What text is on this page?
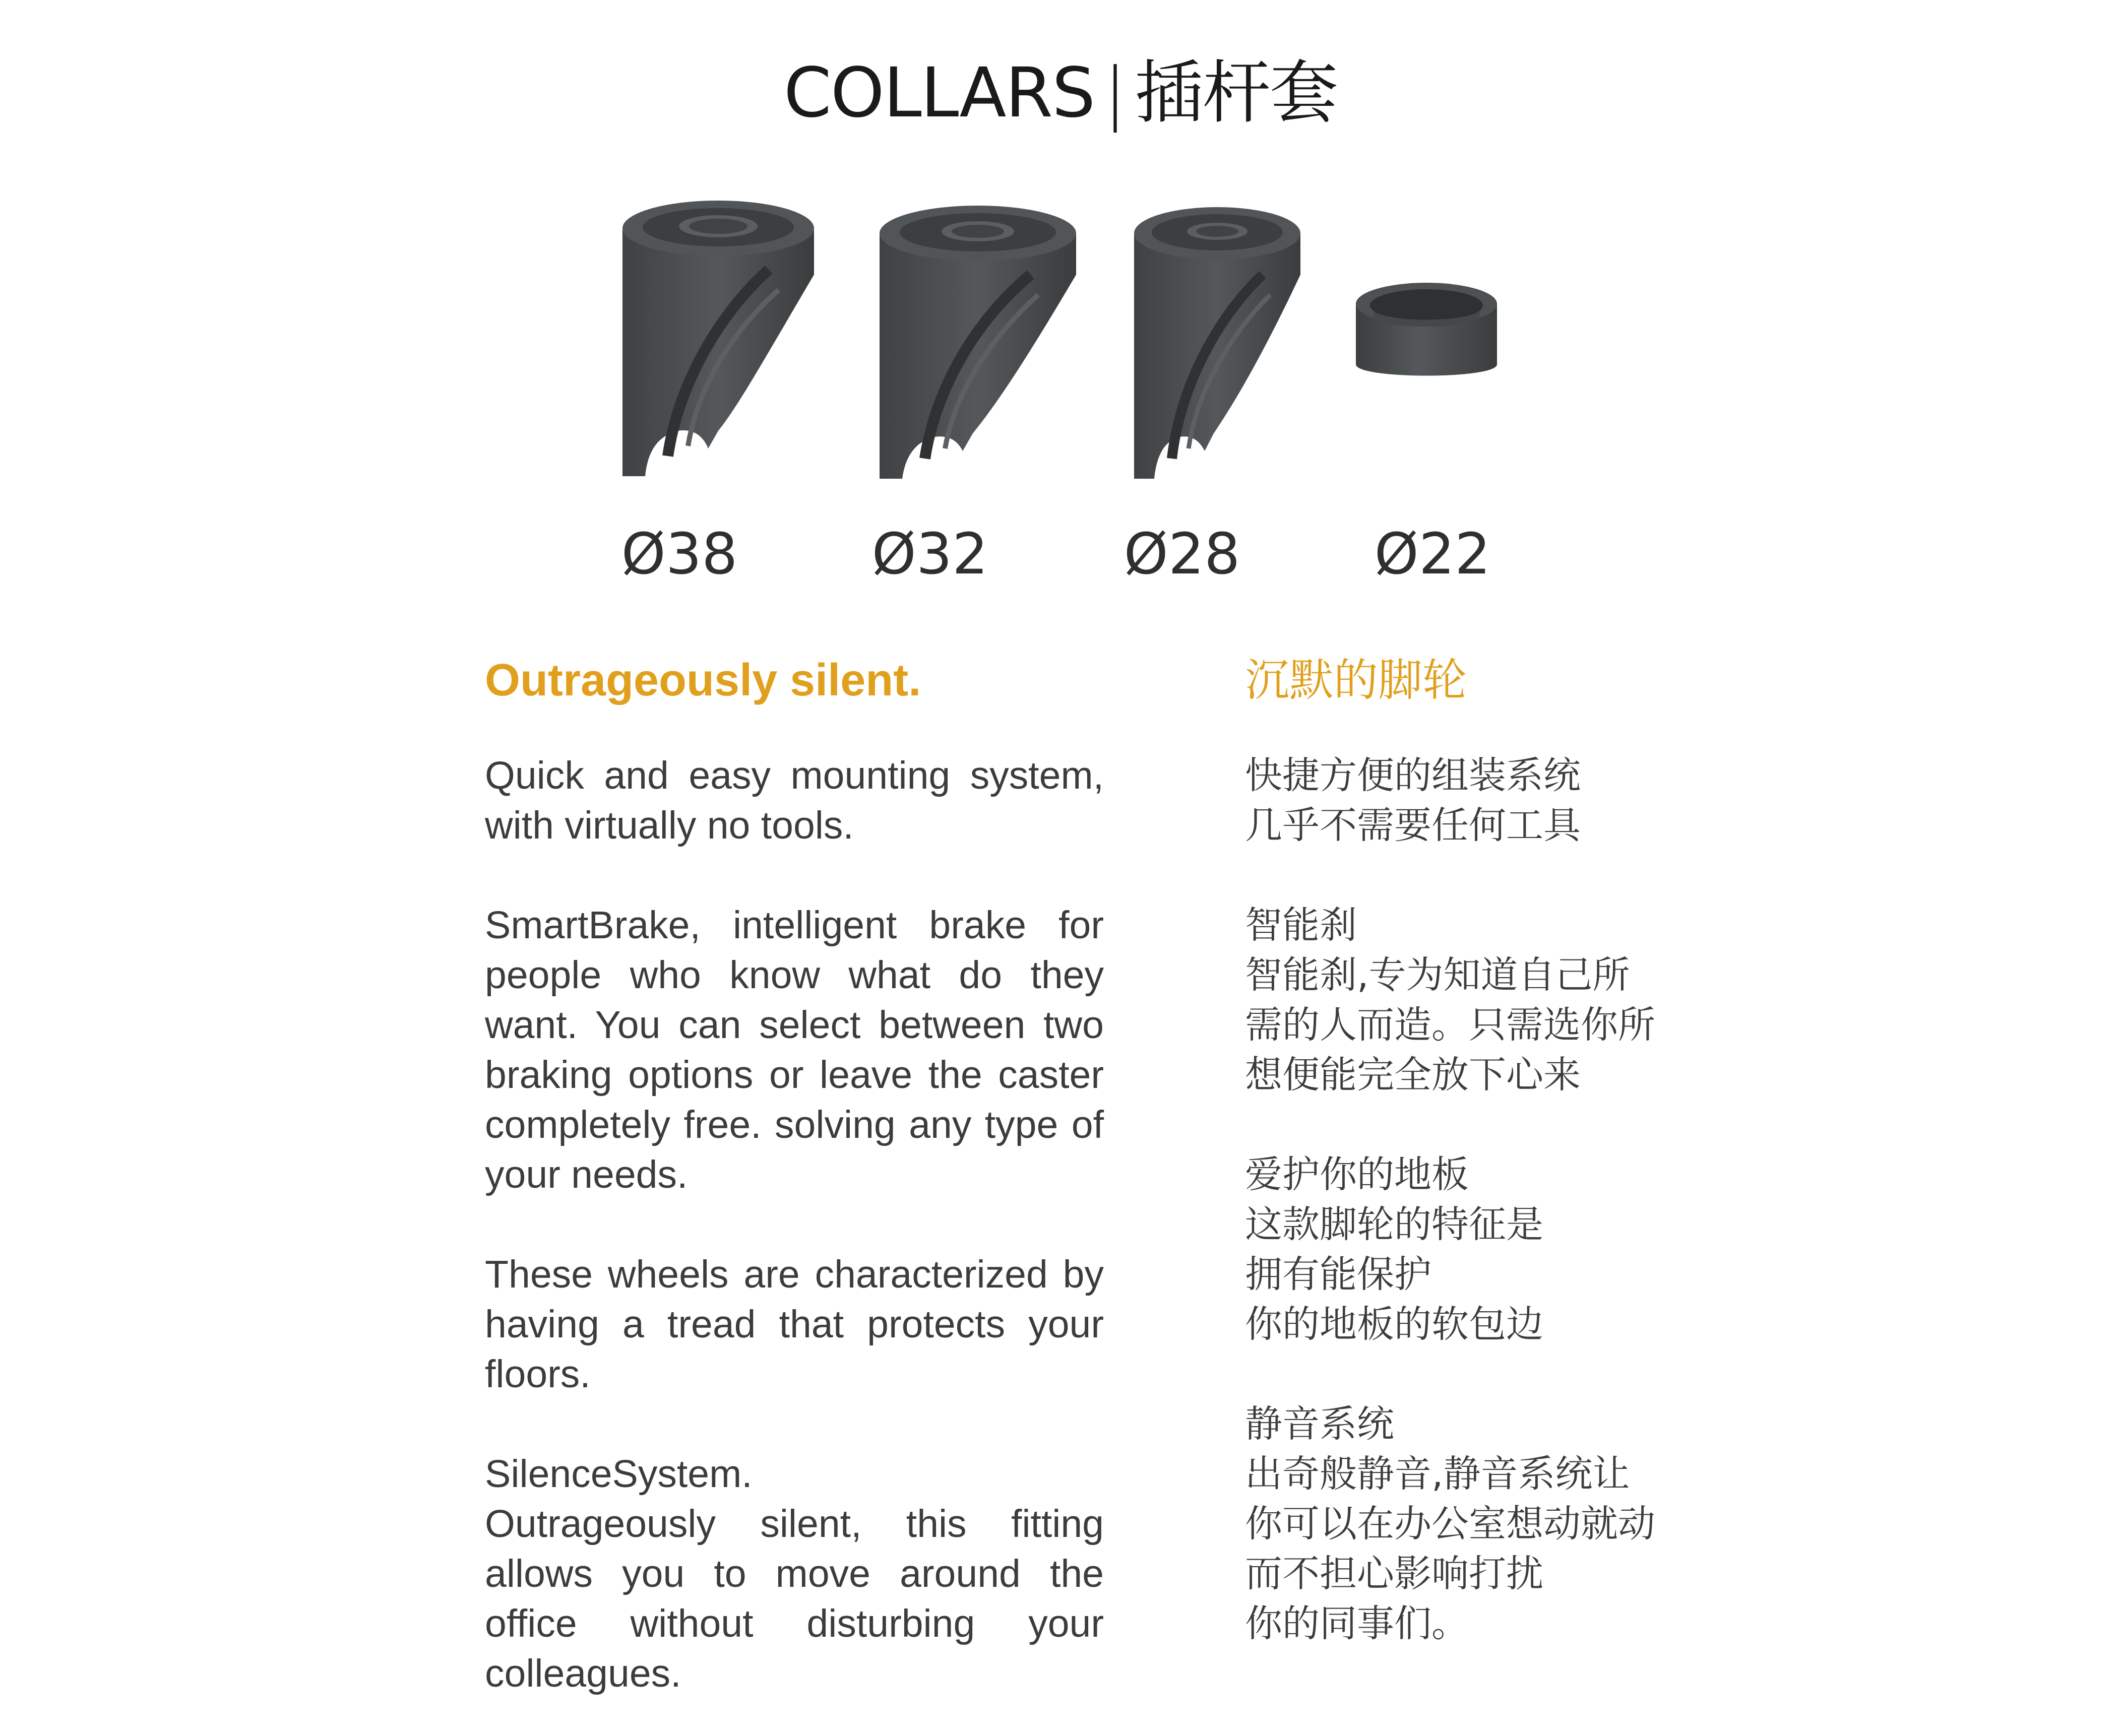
COLLARS | 插杆套
Ø38	Ø32	Ø28	Ø22
Outrageously silent.	沉默的脚轮

Quick and easy mounting system, with virtually no tools.

SmartBrake, intelligent brake for people who know what do they want. You can select between two braking options or leave the caster completely free. solving any type of your needs.

These wheels are characterized by having a tread that protects your floors.

SilenceSystem.

Outrageously silent, this fitting allows you to move around the office without disturbing your colleagues.

快捷方便的组装系统
几乎不需要任何工具
智能刹
智能刹,专为知道自己所
需的人而造。只需选你所
想便能完全放下心来
爱护你的地板
这款脚轮的特征是
拥有能保护
你的地板的软包边
静音系统
出奇般静音,静音系统让
你可以在办公室想动就动
而不担心影响打扰
你的同事们。
